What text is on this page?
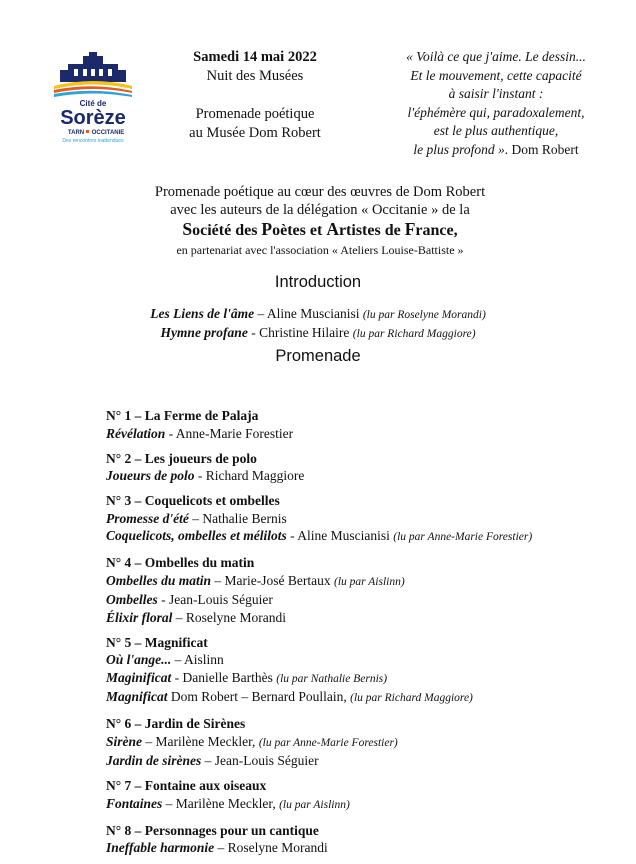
Cité de
Sorèze
TARN OCCITANIE
Des rencontres inattendues
Samedi 14 mai 2022
Nuit des Musées
Promenade poétique
au Musée Dom Robert
« Voilà ce que j'aime. Le dessin...
Et le mouvement, cette capacité
à saisir l'instant :
l'éphémère qui, paradoxalement,
est le plus authentique,
le plus profond ». Dom Robert
Promenade poétique au cœur des œuvres de Dom Robert
avec les auteurs de la délégation « Occitanie » de la
Société des Poètes et Artistes de France,
en partenariat avec l'association « Ateliers Louise-Battiste »
Introduction
Les Liens de l'âme – Aline Muscianisi (lu par Roselyne Morandi)
Hymne profane - Christine Hilaire (lu par Richard Maggiore)
Promenade
N° 1 – La Ferme de Palaja
Révélation - Anne-Marie Forestier
N° 2 – Les joueurs de polo
Joueurs de polo - Richard Maggiore
N° 3 – Coquelicots et ombelles
Promesse d'été – Nathalie Bernis
Coquelicots, ombelles et mélilots - Aline Muscianisi (lu par Anne-Marie Forestier)
N° 4 – Ombelles du matin
Ombelles du matin – Marie-José Bertaux (lu par Aislinn)
Ombelles - Jean-Louis Séguier
Élixir floral – Roselyne Morandi
N° 5 – Magnificat
Où l'ange... – Aislinn
Maginificat - Danielle Barthès (lu par Nathalie Bernis)
Magnificat Dom Robert – Bernard Poullain, (lu par Richard Maggiore)
N° 6 – Jardin de Sirènes
Sirène – Marilène Meckler, (lu par Anne-Marie Forestier)
Jardin de sirènes – Jean-Louis Séguier
N° 7 – Fontaine aux oiseaux
Fontaines – Marilène Meckler, (lu par Aislinn)
N° 8 – Personnages pour un cantique
Ineffable harmonie – Roselyne Morandi
